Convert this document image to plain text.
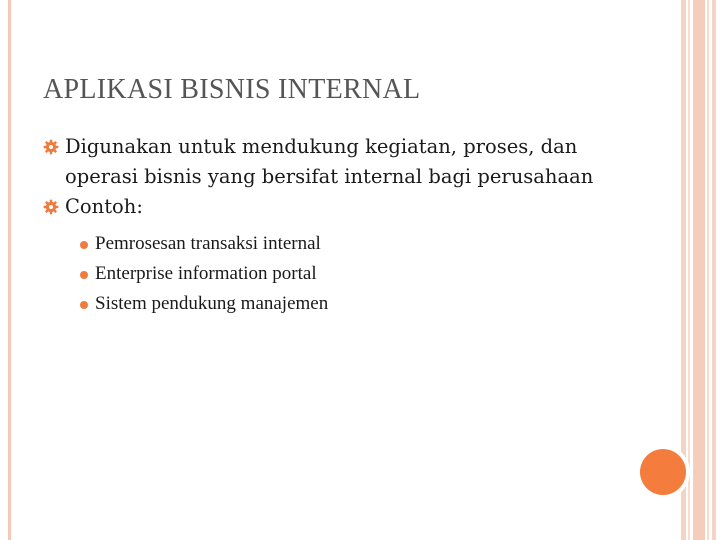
APLIKASI BISNIS INTERNAL

Digunakan untuk mendukung kegiatan, proses, dan operasi bisnis yang bersifat internal bagi perusahaan

Contoh:

Pemrosesan transaksi internal
Enterprise information portal
Sistem pendukung manajemen
